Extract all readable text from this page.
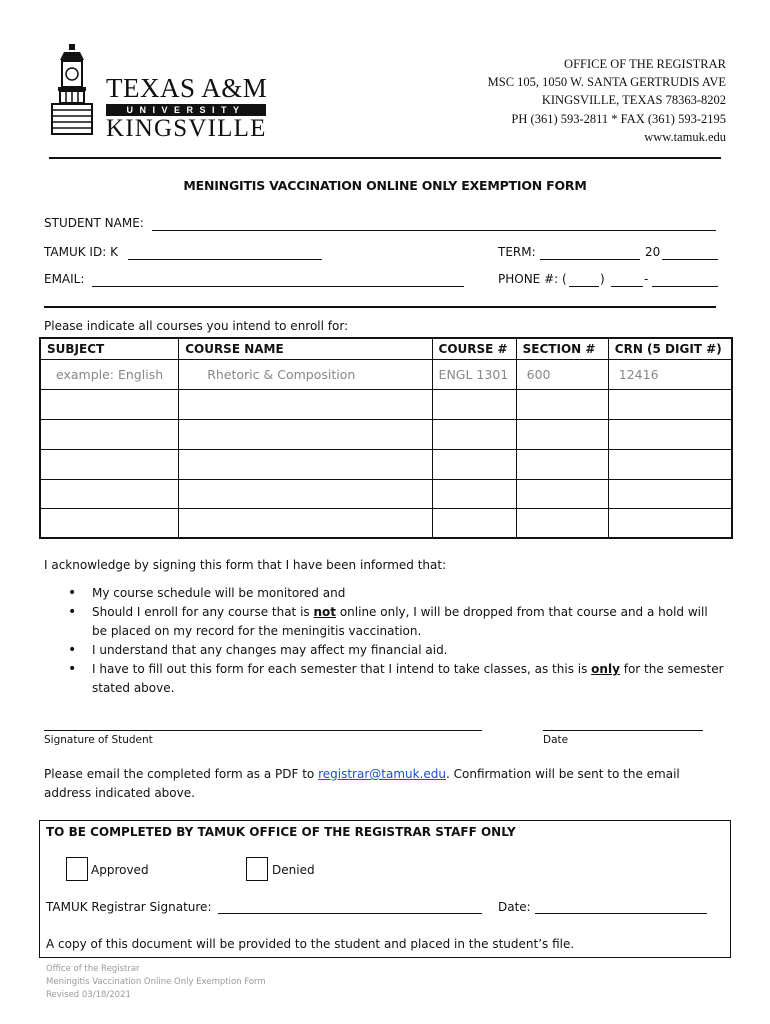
TEXAS A&M
UNIVERSITY
KINGSVILLE
OFFICE OF THE REGISTRAR
MSC 105, 1050 W. SANTA GERTRUDIS AVE
KINGSVILLE, TEXAS 78363-8202
PH (361) 593-2811 * FAX (361) 593-2195
www.tamuk.edu
MENINGITIS VACCINATION ONLINE ONLY EXEMPTION FORM
STUDENT NAME:
TAMUK ID: K	TERM:	20
EMAIL:	PHONE #: (	)	-
Please indicate all courses you intend to enroll for:
SUBJECT	COURSE NAME	COURSE #	SECTION #	CRN (5 DIGIT #)
example: English	Rhetoric & Composition	ENGL 1301	600	12416

I acknowledge by signing this form that I have been informed that:
• My course schedule will be monitored and
• Should I enroll for any course that is not online only, I will be dropped from that course and a hold will be placed on my record for the meningitis vaccination.
• I understand that any changes may affect my financial aid.
• I have to fill out this form for each semester that I intend to take classes, as this is only for the semester stated above.
Signature of Student	Date
Please email the completed form as a PDF to registrar@tamuk.edu. Confirmation will be sent to the email address indicated above.
TO BE COMPLETED BY TAMUK OFFICE OF THE REGISTRAR STAFF ONLY
Approved	Denied
TAMUK Registrar Signature:	Date:
A copy of this document will be provided to the student and placed in the student’s file.
Office of the Registrar
Meningitis Vaccination Online Only Exemption Form
Revised 03/18/2021
